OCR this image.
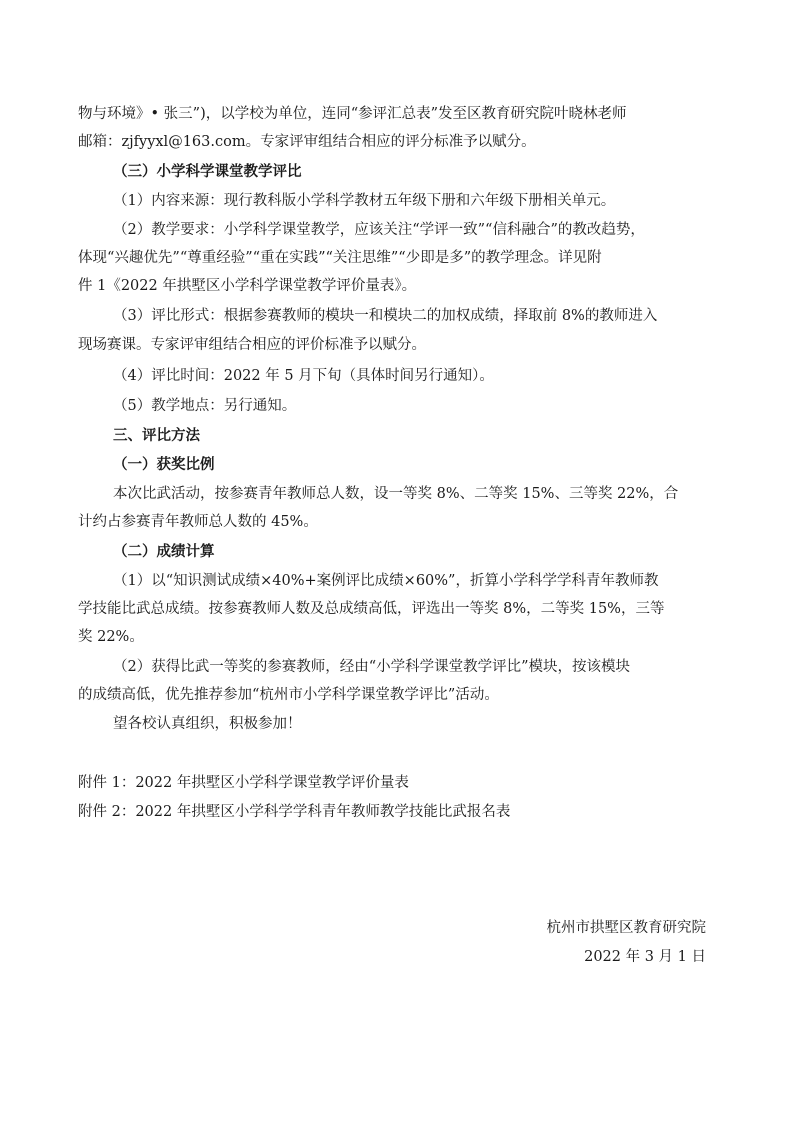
物与环境》• 张三”)，以学校为单位，连同“参评汇总表”发至区教育研究院叶晓林老师
邮箱：zjfyyxl@163.com。专家评审组结合相应的评分标准予以赋分。
（三）小学科学课堂教学评比
（1）内容来源：现行教科版小学科学教材五年级下册和六年级下册相关单元。
（2）教学要求：小学科学课堂教学，应该关注“学评一致”“信科融合”的教改趋势，
体现“兴趣优先”“尊重经验”“重在实践”“关注思维”“少即是多”的教学理念。详见附
件 1《2022 年拱墅区小学科学课堂教学评价量表》。
（3）评比形式：根据参赛教师的模块一和模块二的加权成绩，择取前 8%的教师进入
现场赛课。专家评审组结合相应的评价标准予以赋分。
（4）评比时间：2022 年 5 月下旬（具体时间另行通知）。
（5）教学地点：另行通知。
三、评比方法
（一）获奖比例
本次比武活动，按参赛青年教师总人数，设一等奖 8%、二等奖 15%、三等奖 22%，合
计约占参赛青年教师总人数的 45%。
（二）成绩计算
（1）以“知识测试成绩×40%+案例评比成绩×60%”，折算小学科学学科青年教师教
学技能比武总成绩。按参赛教师人数及总成绩高低，评选出一等奖 8%，二等奖 15%，三等
奖 22%。
（2）获得比武一等奖的参赛教师，经由“小学科学课堂教学评比”模块，按该模块
的成绩高低，优先推荐参加“杭州市小学科学课堂教学评比”活动。
望各校认真组织，积极参加！
附件 1：2022 年拱墅区小学科学课堂教学评价量表
附件 2：2022 年拱墅区小学科学学科青年教师教学技能比武报名表
杭州市拱墅区教育研究院
2022 年 3 月 1 日
